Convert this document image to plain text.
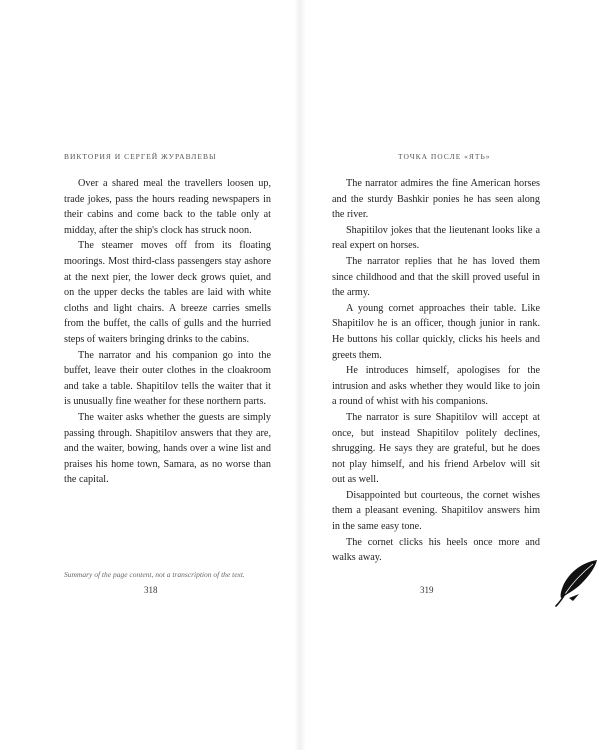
ВИКТОРИЯ И СЕРГЕЙ ЖУРАВЛЕВЫ

Over a shared meal the travellers loosen up, trade jokes, pass the hours reading newspapers in their cabins and come back to the table only at midday, after the ship's clock has struck noon.

The steamer moves off from its floating moorings. Most third-class passengers stay ashore at the next pier, the lower deck grows quiet, and on the upper decks the tables are laid with white cloths and light chairs. A breeze carries smells from the buffet, the calls of gulls and the hurried steps of waiters bringing drinks to the cabins.

The narrator and his companion go into the buffet, leave their outer clothes in the cloakroom and take a table. Shapitilov tells the waiter that it is unusually fine weather for these northern parts.

The waiter asks whether the guests are simply passing through. Shapitilov answers that they are, and the waiter, bowing, hands over a wine list and praises his home town, Samara, as no worse than the capital.

Summary of the page content, not a transcription of the text.
318
ТОЧКА ПОСЛЕ «ЯТЬ»

The narrator admires the fine American horses and the sturdy Bashkir ponies he has seen along the river.

Shapitilov jokes that the lieutenant looks like a real expert on horses.

The narrator replies that he has loved them since childhood and that the skill proved useful in the army.

A young cornet approaches their table. Like Shapitilov he is an officer, though junior in rank. He buttons his collar quickly, clicks his heels and greets them.

He introduces himself, apologises for the intrusion and asks whether they would like to join a round of whist with his companions.

The narrator is sure Shapitilov will accept at once, but instead Shapitilov politely declines, shrugging. He says they are grateful, but he does not play himself, and his friend Arbelov will sit out as well.

Disappointed but courteous, the cornet wishes them a pleasant evening. Shapitilov answers him in the same easy tone.

The cornet clicks his heels once more and walks away.

319
